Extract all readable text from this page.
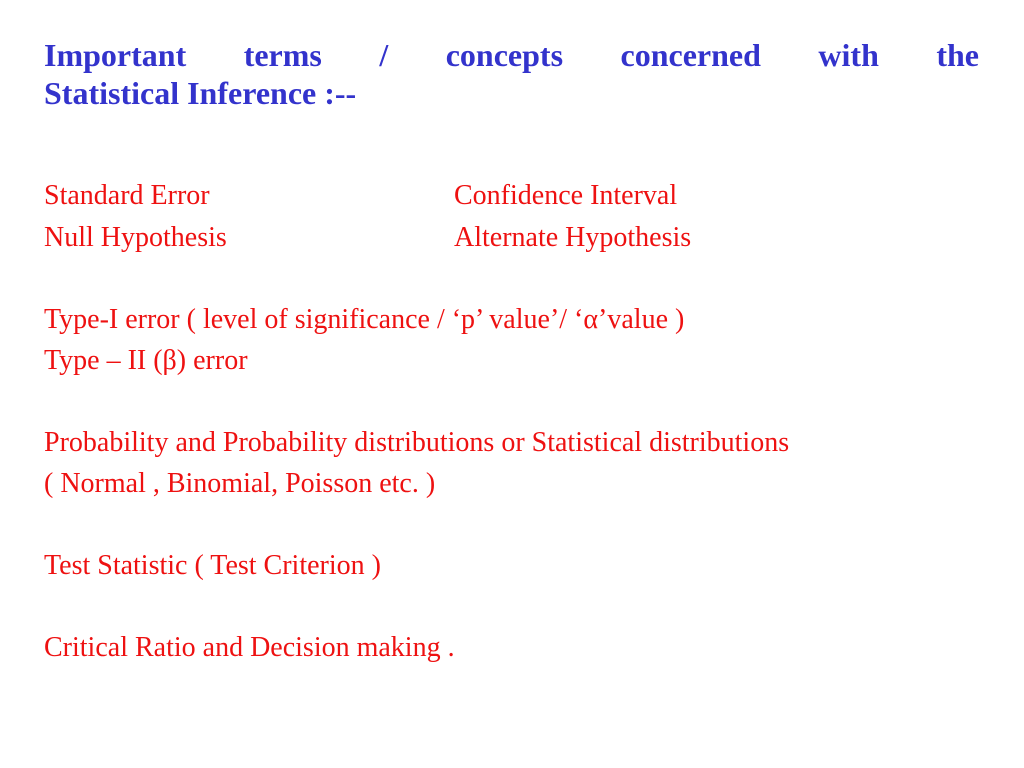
Important terms / concepts concerned with the
Statistical Inference :--
Standard Error	Confidence Interval
Null Hypothesis	Alternate Hypothesis
Type-I error ( level of significance / ‘p’ value’/ ‘α’value )
Type – II (β) error
Probability and Probability distributions or Statistical distributions
( Normal , Binomial, Poisson etc. )
Test Statistic ( Test Criterion )
Critical Ratio and Decision making .
